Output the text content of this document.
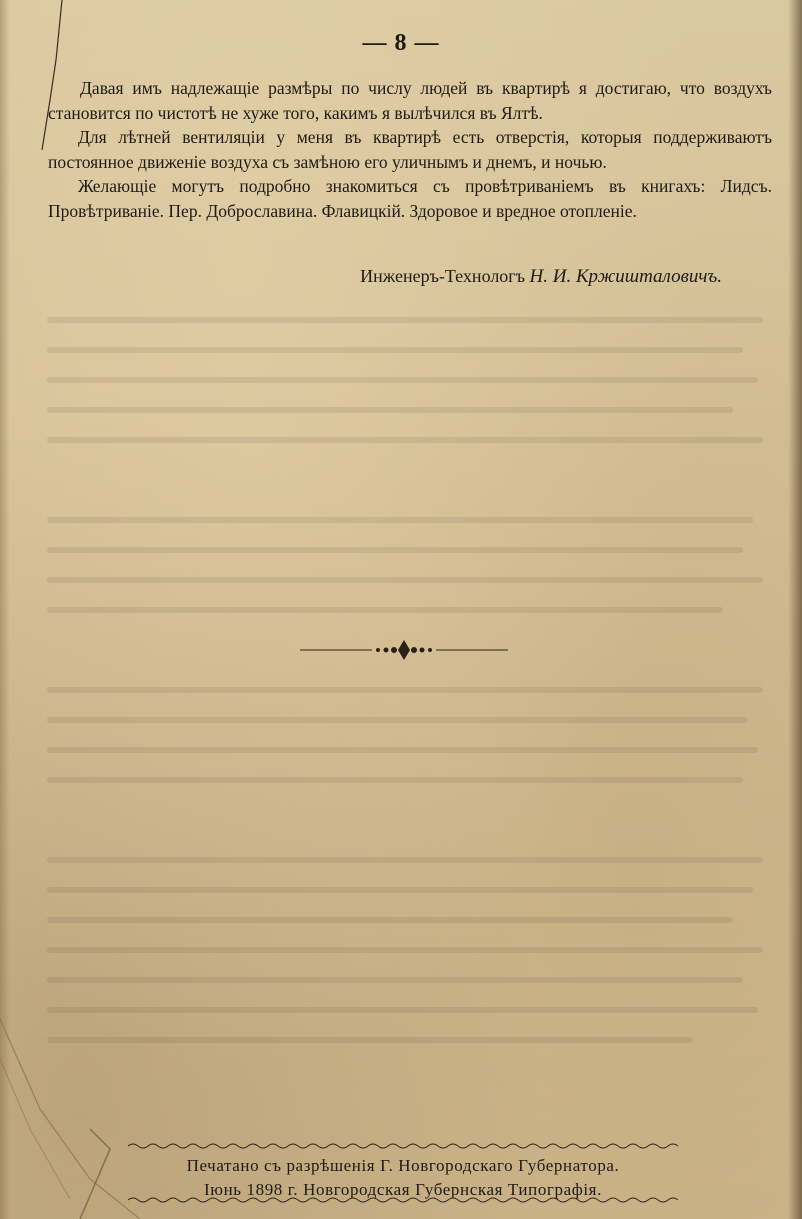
— 8 —

Давая имъ надлежащіе размѣры по числу людей въ квартирѣ я достигаю, что воздухъ становится по чистотѣ не хуже того, какимъ я вылѣчился въ Ялтѣ.

Для лѣтней вентиляціи у меня въ квартирѣ есть отверстія, которыя поддерживаютъ постоянное движеніе воздуха съ замѣною его уличнымъ и днемъ, и ночью.

Желающіе могутъ подробно знакомиться съ провѣтриваніемъ въ книгахъ: Лидсъ. Провѣтриваніе. Пер. Доброславина. Флавицкій. Здоровое и вредное отопленіе.

Инженеръ-Технологъ Н. И. Кржишталовичъ.
Печатано съ разрѣшенія Г. Новгородскаго Губернатора.
Іюнь 1898 г. Новгородская Губернская Типографія.
